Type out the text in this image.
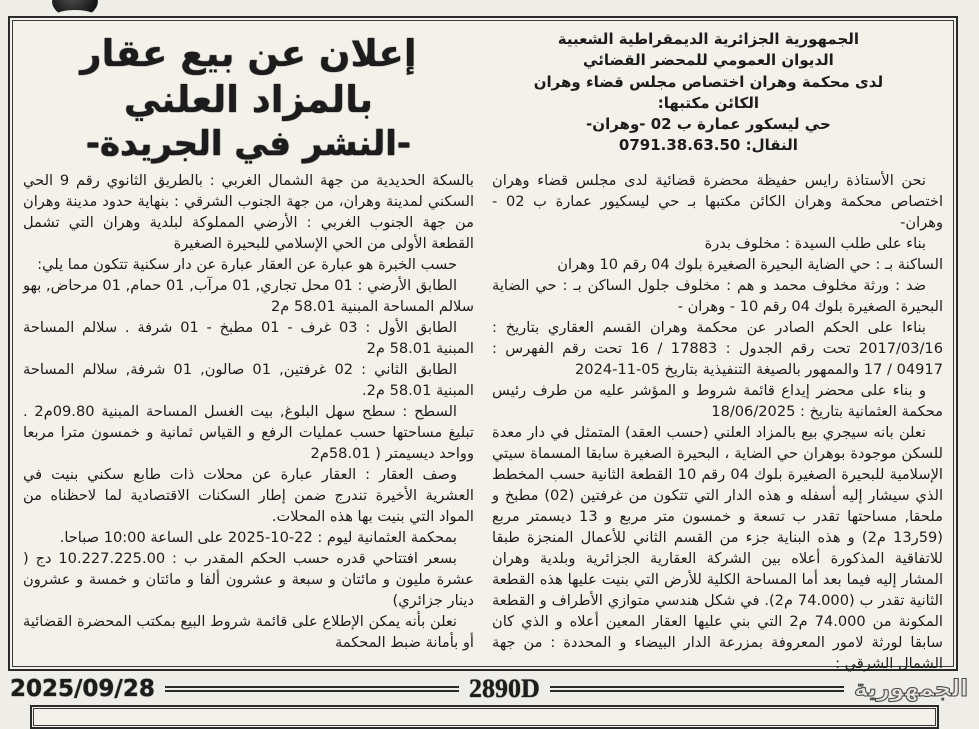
الجمهورية الجزائرية الديمقراطية الشعبية
الديوان العمومي للمحضر القضائي
لدى محكمة وهران اختصاص مجلس قضاء وهران
الكائن مكتبها:
حي ليسكور عمارة ب 02 -وهران-
النقال: 0791.38.63.50
إعلان عن بيع عقار بالمزاد العلني
-النشر في الجريدة-

نحن الأستاذة رايس حفيظة محضرة قضائية لدى مجلس قضاء وهران اختصاص محكمة وهران الكائن مكتبها بـ حي ليسكيور عمارة ب 02 - وهران-

بناء على طلب السيدة : مخلوف بدرة

الساكنة بـ : حي الضاية البحيرة الصغيرة بلوك 04 رقم 10 وهران

ضد : ورثة مخلوف محمد و هم : مخلوف جلول الساكن بـ : حي الضاية البحيرة الصغيرة بلوك 04 رقم 10 - وهران -

بناءا على الحكم الصادر عن محكمة وهران القسم العقاري بتاريخ : 2017/03/16 تحت رقم الجدول : 17883 / 16 تحت رقم الفهرس : 04917 / 17 والممهور بالصيغة التنفيذية بتاريخ 05-11-2024

و بناء على محضر إيداع قائمة شروط و المؤشر عليه من طرف رئيس محكمة العثمانية بتاريخ : 18/06/2025

نعلن بانه سيجري بيع بالمزاد العلني (حسب العقد) المتمثل في دار معدة للسكن موجودة بوهران حي الضاية ، البحيرة الصغيرة سابقا المسماة سيتي الإسلامية للبحيرة الصغيرة بلوك 04 رقم 10 القطعة الثانية حسب المخطط الذي سيشار إليه أسفله و هذه الدار التي تتكون من غرفتين (02) مطبخ و ملحقا, مساحتها تقدر ب تسعة و خمسون متر مربع و 13 ديسمتر مربع (59ر13 م2) و هذه البناية جزء من القسم الثاني للأعمال المنجزة طبقا للاتفاقية المذكورة أعلاه بين الشركة العقارية الجزائرية وبلدية وهران المشار إليه فيما بعد أما المساحة الكلية للأرض التي بنيت عليها هذه القطعة الثانية تقدر ب (74.000 م2). في شكل هندسي متوازي الأطراف و القطعة المكونة من 74.000 م2 التي بني عليها العقار المعين أعلاه و الذي كان سابقا لورثة لامور المعروفة بمزرعة الدار البيضاء و المحددة : من جهة الشمال الشرقي :

بالسكة الحديدية من جهة الشمال الغربي : بالطريق الثانوي رقم 9 الحي السكني لمدينة وهران، من جهة الجنوب الشرقي : بنهاية حدود مدينة وهران من جهة الجنوب الغربي : الأرضي المملوكة لبلدية وهران التي تشمل القطعة الأولى من الحي الإسلامي للبحيرة الصغيرة

حسب الخبرة هو عبارة عن العقار عبارة عن دار سكنية تتكون مما يلي:

الطابق الأرضي : 01 محل تجاري, 01 مرآب, 01 حمام, 01 مرحاض, بهو سلالم المساحة المبنية 58.01 م2

الطابق الأول : 03 غرف - 01 مطبخ - 01 شرفة . سلالم المساحة المبنية 58.01 م2

الطابق الثاني : 02 غرفتين, 01 صالون, 01 شرفة, سلالم المساحة المبنية 58.01 م2.

السطح : سطح سهل البلوغ, بيت الغسل المساحة المبنية 09.80م2 . تبليغ مساحتها حسب عمليات الرفع و القياس ثمانية و خمسون مترا مربعا وواحد ديسيمتر ( 58.01م2

وصف العقار : العقار عبارة عن محلات ذات طابع سكني بنيت في العشرية الأخيرة تندرج ضمن إطار السكنات الاقتصادية لما لاحظناه من المواد التي بنيت بها هذه المحلات.

بمحكمة العثمانية ليوم : 22-10-2025 على الساعة 10:00 صباحا.

بسعر افتتاحي قدره حسب الحكم المقدر ب : 10.227.225.00 دج ( عشرة مليون و مائتان و سبعة و عشرون ألفا و مائتان و خمسة و عشرون دينار جزائري)

نعلن بأنه يمكن الإطلاع على قائمة شروط البيع بمكتب المحضرة القضائية أو بأمانة ضبط المحكمة

2025/09/28	2890D	الجمهورية
